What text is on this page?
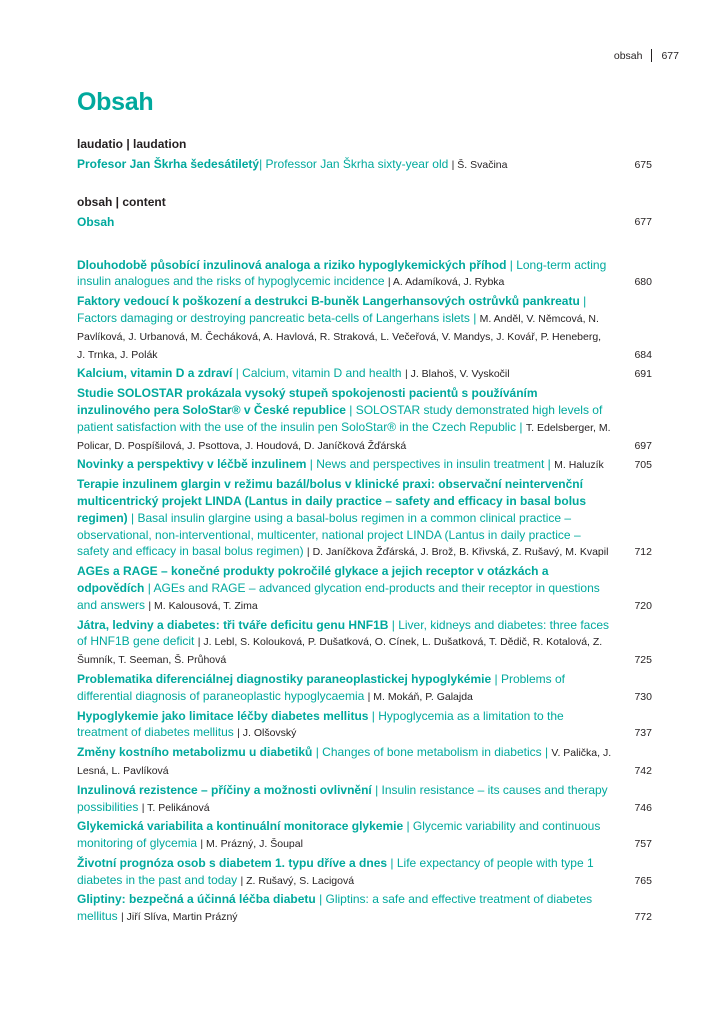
obsah 677
Obsah
laudatio | laudation
Profesor Jan Škrha šedesátiletý| Professor Jan Škrha sixty-year old | Š. Svačina	675
obsah | content
Obsah	677
Dlouhodobě působící inzulinová analoga a riziko hypoglykemických příhod | Long-term acting insulin analogues and the risks of hypoglycemic incidence | A. Adamíková, J. Rybka	680
Faktory vedoucí k poškození a destrukci B-buněk Langerhansových ostrůvků pankreatu | Factors damaging or destroying pancreatic beta-cells of Langerhans islets | M. Anděl, V. Němcová, N. Pavlíková, J. Urbanová, M. Čecháková, A. Havlová, R. Straková, L. Večeřová, V. Mandys, J. Kovář, P. Heneberg, J. Trnka, J. Polák	684
Kalcium, vitamin D a zdraví | Calcium, vitamin D and health | J. Blahoš, V. Vyskočil	691
Studie SOLOSTAR prokázala vysoký stupeň spokojenosti pacientů s používáním inzulinového pera SoloStar® v České republice | SOLOSTAR study demonstrated high levels of patient satisfaction with the use of the insulin pen SoloStar® in the Czech Republic | T. Edelsberger, M. Policar, D. Pospíšilová, J. Psottova, J. Houdová, D. Janíčková Žďárská	697
Novinky a perspektivy v léčbě inzulinem | News and perspectives in insulin treatment | M. Haluzík	705
Terapie inzulinem glargin v režimu bazál/bolus v klinické praxi: observační neintervenční multicentrický projekt LINDA (Lantus in daily practice – safety and efficacy in basal bolus regimen) | Basal insulin glargine using a basal-bolus regimen in a common clinical practice – observational, non-interventional, multicenter, national project LINDA (Lantus in daily practice – safety and efficacy in basal bolus regimen) | D. Janíčkova Žďárská, J. Brož, B. Křivská, Z. Rušavý, M. Kvapil	712
AGEs a RAGE – konečné produkty pokročilé glykace a jejich receptor v otázkách a odpovědích | AGEs and RAGE – advanced glycation end-products and their receptor in questions and answers | M. Kalousová, T. Zima	720
Játra, ledviny a diabetes: tři tváře deficitu genu HNF1B | Liver, kidneys and diabetes: three faces of HNF1B gene deficit | J. Lebl, S. Kolouková, P. Dušatková, O. Cínek, L. Dušatková, T. Dědič, R. Kotalová, Z. Šumník, T. Seeman, Š. Průhová	725
Problematika diferenciálnej diagnostiky paraneoplastickej hypoglykémie | Problems of differential diagnosis of paraneoplastic hypoglycaemia | M. Mokáň, P. Galajda	730
Hypoglykemie jako limitace léčby diabetes mellitus | Hypoglycemia as a limitation to the treatment of diabetes mellitus | J. Olšovský	737
Změny kostního metabolizmu u diabetiků | Changes of bone metabolism in diabetics | V. Palička, J. Lesná, L. Pavlíková	742
Inzulinová rezistence – příčiny a možnosti ovlivnění | Insulin resistance – its causes and therapy possibilities | T. Pelikánová	746
Glykemická variabilita a kontinuální monitorace glykemie | Glycemic variability and continuous monitoring of glycemia | M. Prázný, J. Šoupal	757
Životní prognóza osob s diabetem 1. typu dříve a dnes | Life expectancy of people with type 1 diabetes in the past and today | Z. Rušavý, S. Lacigová	765
Gliptiny: bezpečná a účinná léčba diabetu | Gliptins: a safe and effective treatment of diabetes mellitus | Jiří Slíva, Martin Prázný	772
